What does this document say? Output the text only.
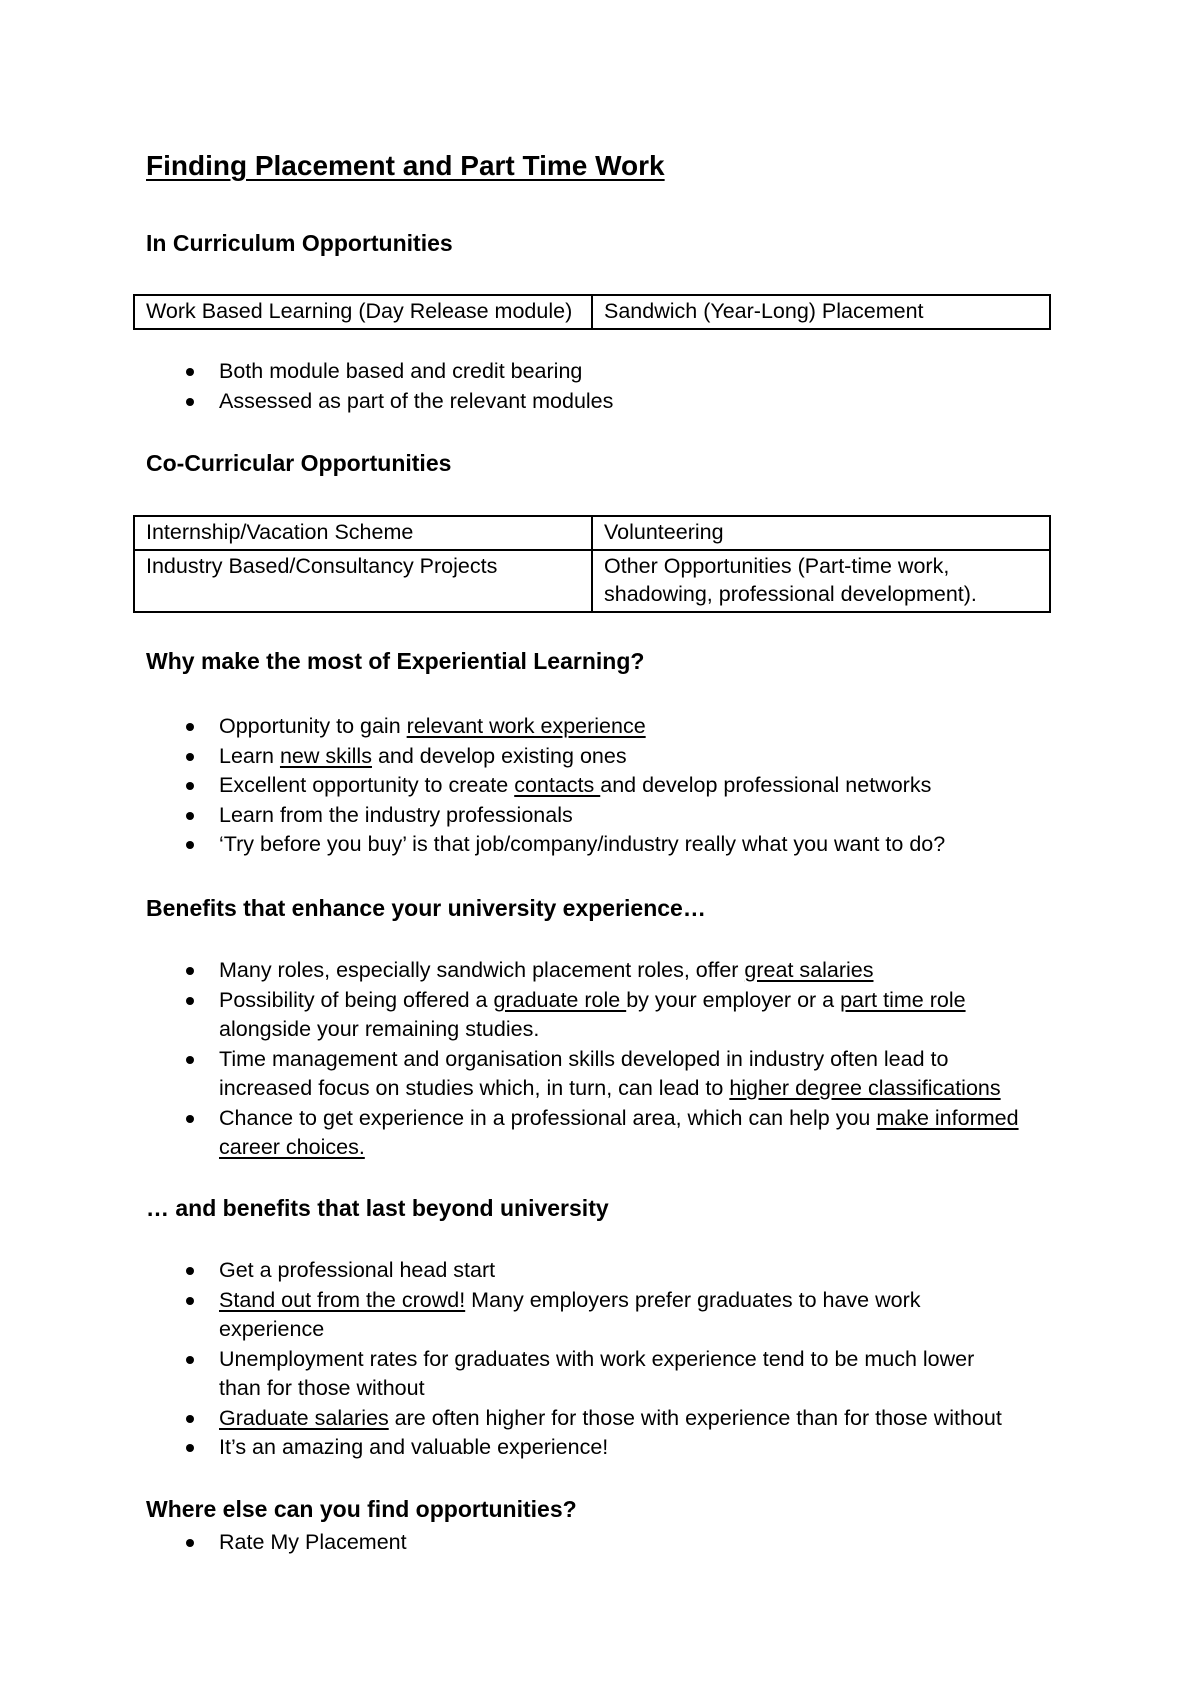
Finding Placement and Part Time Work
In Curriculum Opportunities
Work Based Learning (Day Release module)	Sandwich (Year-Long) Placement
Both module based and credit bearing
Assessed as part of the relevant modules
Co-Curricular Opportunities
Internship/Vacation Scheme	Volunteering
Industry Based/Consultancy Projects	Other Opportunities (Part-time work,
shadowing, professional development).
Why make the most of Experiential Learning?
Opportunity to gain relevant work experience
Learn new skills and develop existing ones
Excellent opportunity to create contacts and develop professional networks
Learn from the industry professionals
‘Try before you buy’ is that job/company/industry really what you want to do?
Benefits that enhance your university experience…
Many roles, especially sandwich placement roles, offer great salaries
Possibility of being offered a graduate role by your employer or a part time role
alongside your remaining studies.
Time management and organisation skills developed in industry often lead to
increased focus on studies which, in turn, can lead to higher degree classifications
Chance to get experience in a professional area, which can help you make informed
career choices.
… and benefits that last beyond university
Get a professional head start
Stand out from the crowd! Many employers prefer graduates to have work
experience
Unemployment rates for graduates with work experience tend to be much lower
than for those without
Graduate salaries are often higher for those with experience than for those without
It’s an amazing and valuable experience!
Where else can you find opportunities?
Rate My Placement
